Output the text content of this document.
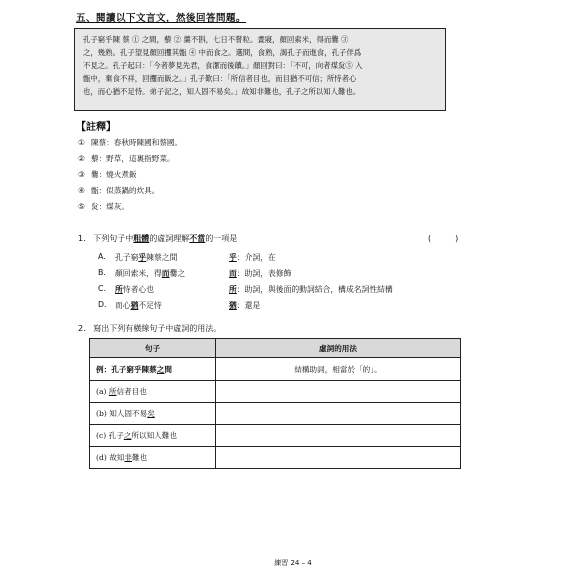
五、閱讀以下文言文，然後回答問題。
孔子窮乎陳 蔡 ① 之間，藜 ② 羹不斟，七日不嘗粒。晝寢，顏回索米，得而爨 ③
之，幾熟。孔子望見顏回攫其甑 ④ 中而食之。選間，食熟，謁孔子而進食，孔子佯爲
不見之。孔子起曰：「今者夢見先君，食潔而後饋。」顏回對曰：「不可，向者煤炱⑤ 入
甑中，棄食不祥，回攫而飯之。」孔子歎曰：「所信者目也，而目猶不可信；所恃者心
也，而心猶不足恃。弟子記之，知人固不易矣。」故知非難也，孔子之所以知人難也。
【註釋】
① 陳蔡：春秋時陳國和蔡國。
② 藜：野草，這裏指野菜。
③ 爨：燒火煮飯
④ 甑：似蒸鍋的炊具。
⑤ 炱：煤灰。
1. 下列句子中粗體的虛詞理解不當的一項是	(　　　)
A. 孔子窮乎陳蔡之間	乎：介詞，在
B. 顏回索米，得而爨之	而：助詞，表修飾
C. 所恃者心也	所：助詞，與後面的動詞結合，構成名詞性結構
D. 而心猶不足恃	猶：還是
2. 寫出下列有橫線句子中虛詞的用法。
句子	虛詞的用法
例：孔子窮乎陳蔡之間	結構助詞，相當於「的」。
(a) 所信者目也	
(b) 知人固不易矣	
(c) 孔子之所以知人難也	
(d) 故知非難也	
練習 24 – 4
